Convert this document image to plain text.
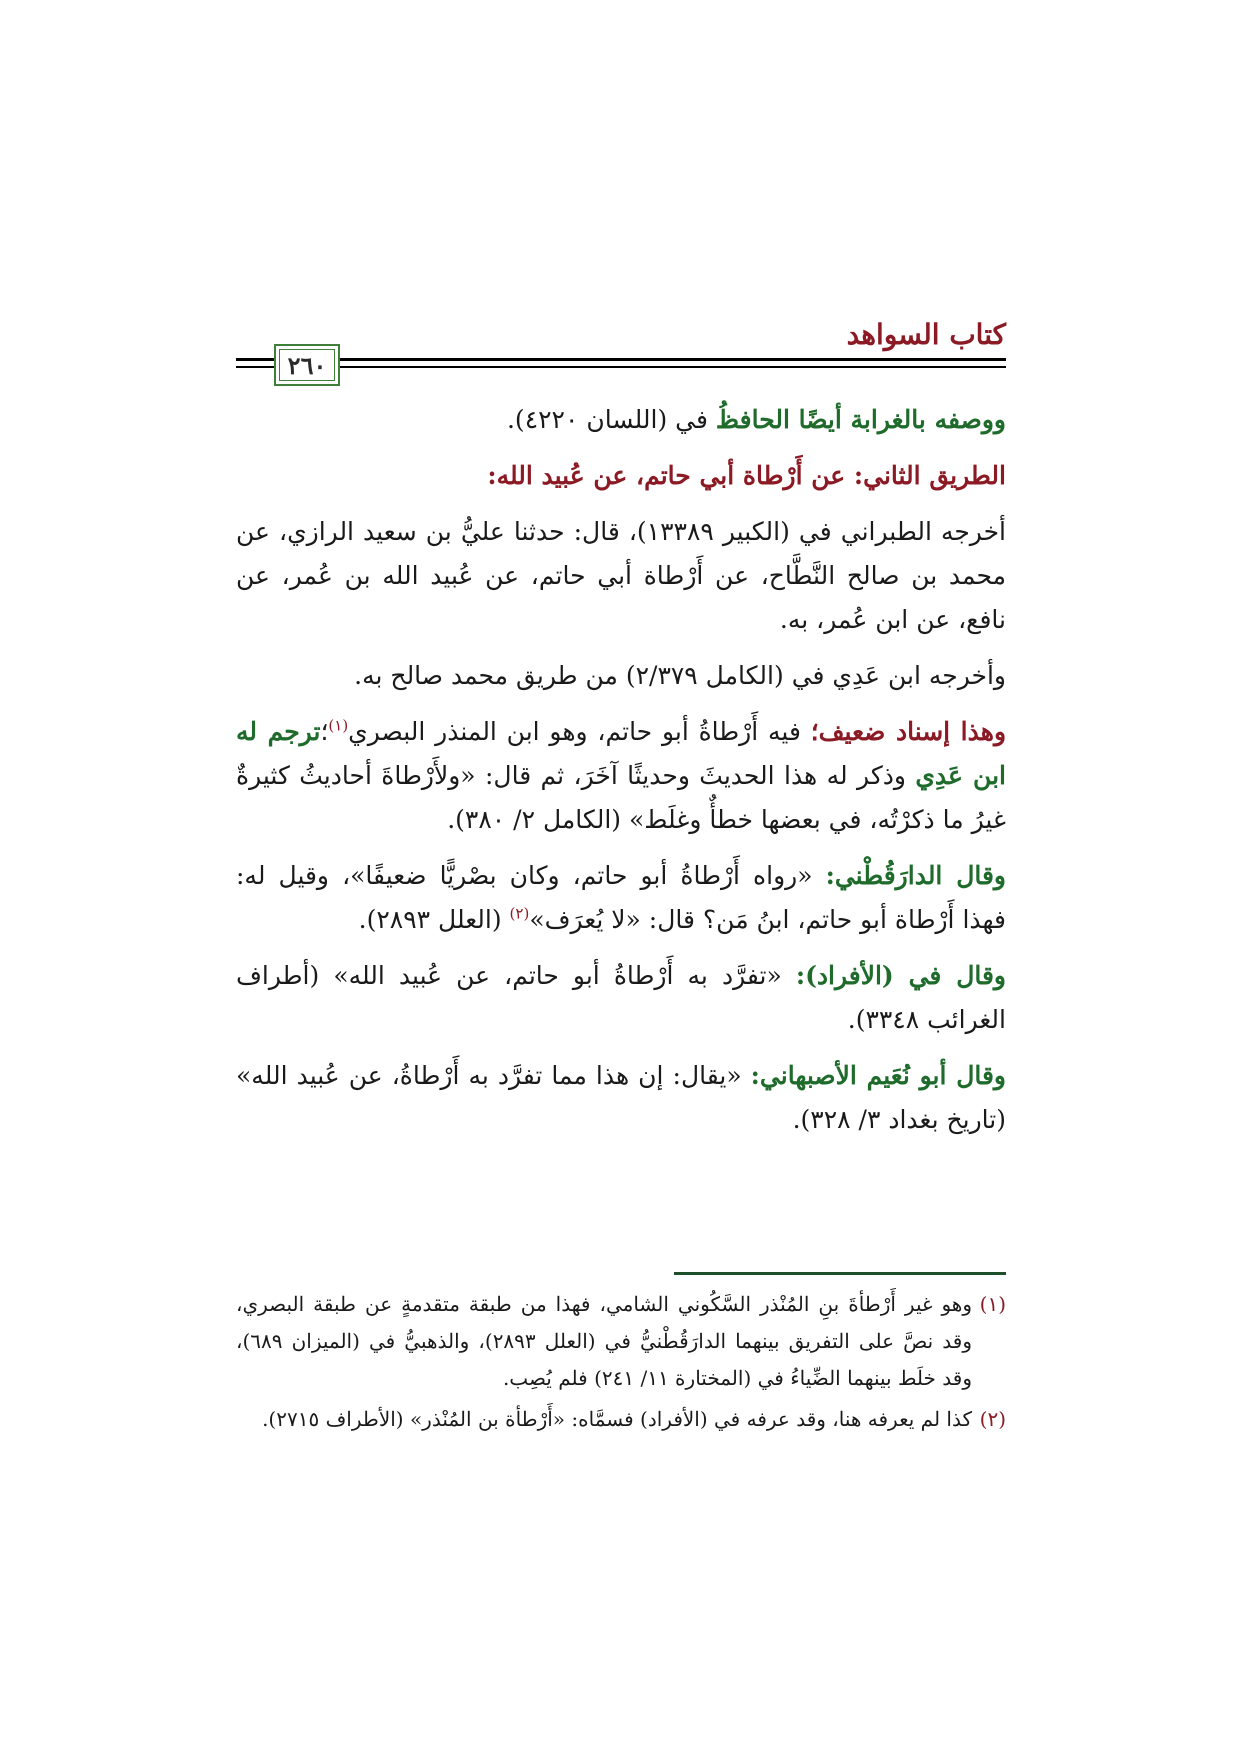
كتاب السواهد
٢٦٠

ووصفه بالغرابة أيضًا الحافظُ في (اللسان ٤٢٢٠).

الطريق الثاني: عن أَرْطاة أبي حاتم، عن عُبيد الله:

أخرجه الطبراني في (الكبير ١٣٣٨٩)، قال: حدثنا عليُّ بن سعيد الرازي، عن محمد بن صالح النَّطَّاح، عن أَرْطاة أبي حاتم، عن عُبيد الله بن عُمر، عن نافع، عن ابن عُمر، به.

وأخرجه ابن عَدِي في (الكامل ٢/٣٧٩) من طريق محمد صالح به.

وهذا إسناد ضعيف؛ فيه أَرْطاةُ أبو حاتم، وهو ابن المنذر البصري$^{(١)}$؛ترجم له ابن عَدِي وذكر له هذا الحديثَ وحديثًا آخَرَ، ثم قال: «ولأَرْطاةَ أحاديثُ كثيرةٌ غيرُ ما ذكرْتُه، في بعضها خطأٌ وغلَط» (الكامل ٢/ ٣٨٠).

وقال الدارَقُطْني: «رواه أَرْطاةُ أبو حاتم، وكان بصْريًّا ضعيفًا»، وقيل له: فهذا أَرْطاة أبو حاتم، ابنُ مَن؟ قال: «لا يُعرَف»$^{(٢)}$ (العلل ٢٨٩٣).

وقال في (الأفراد): «تفرَّد به أَرْطاةُ أبو حاتم، عن عُبيد الله» (أطراف الغرائب ٣٣٤٨).

وقال أبو نُعَيم الأصبهاني: «يقال: إن هذا مما تفرَّد به أَرْطاةُ، عن عُبيد الله» (تاريخ بغداد ٣/ ٣٢٨).

(١)
وهو غير أَرْطأةَ بنِ المُنْذر السَّكُوني الشامي، فهذا من طبقة متقدمةٍ عن طبقة البصري، وقد نصَّ على التفريق بينهما الدارَقُطْنيُّ في (العلل ٢٨٩٣)، والذهبيُّ في (الميزان ٦٨٩)، وقد خلَط بينهما الضِّياءُ في (المختارة ١١/ ٢٤١) فلم يُصِب.
(٢)
كذا لم يعرفه هنا، وقد عرفه في (الأفراد) فسمَّاه: «أَرْطأة بن المُنْذر» (الأطراف ٢٧١٥).
